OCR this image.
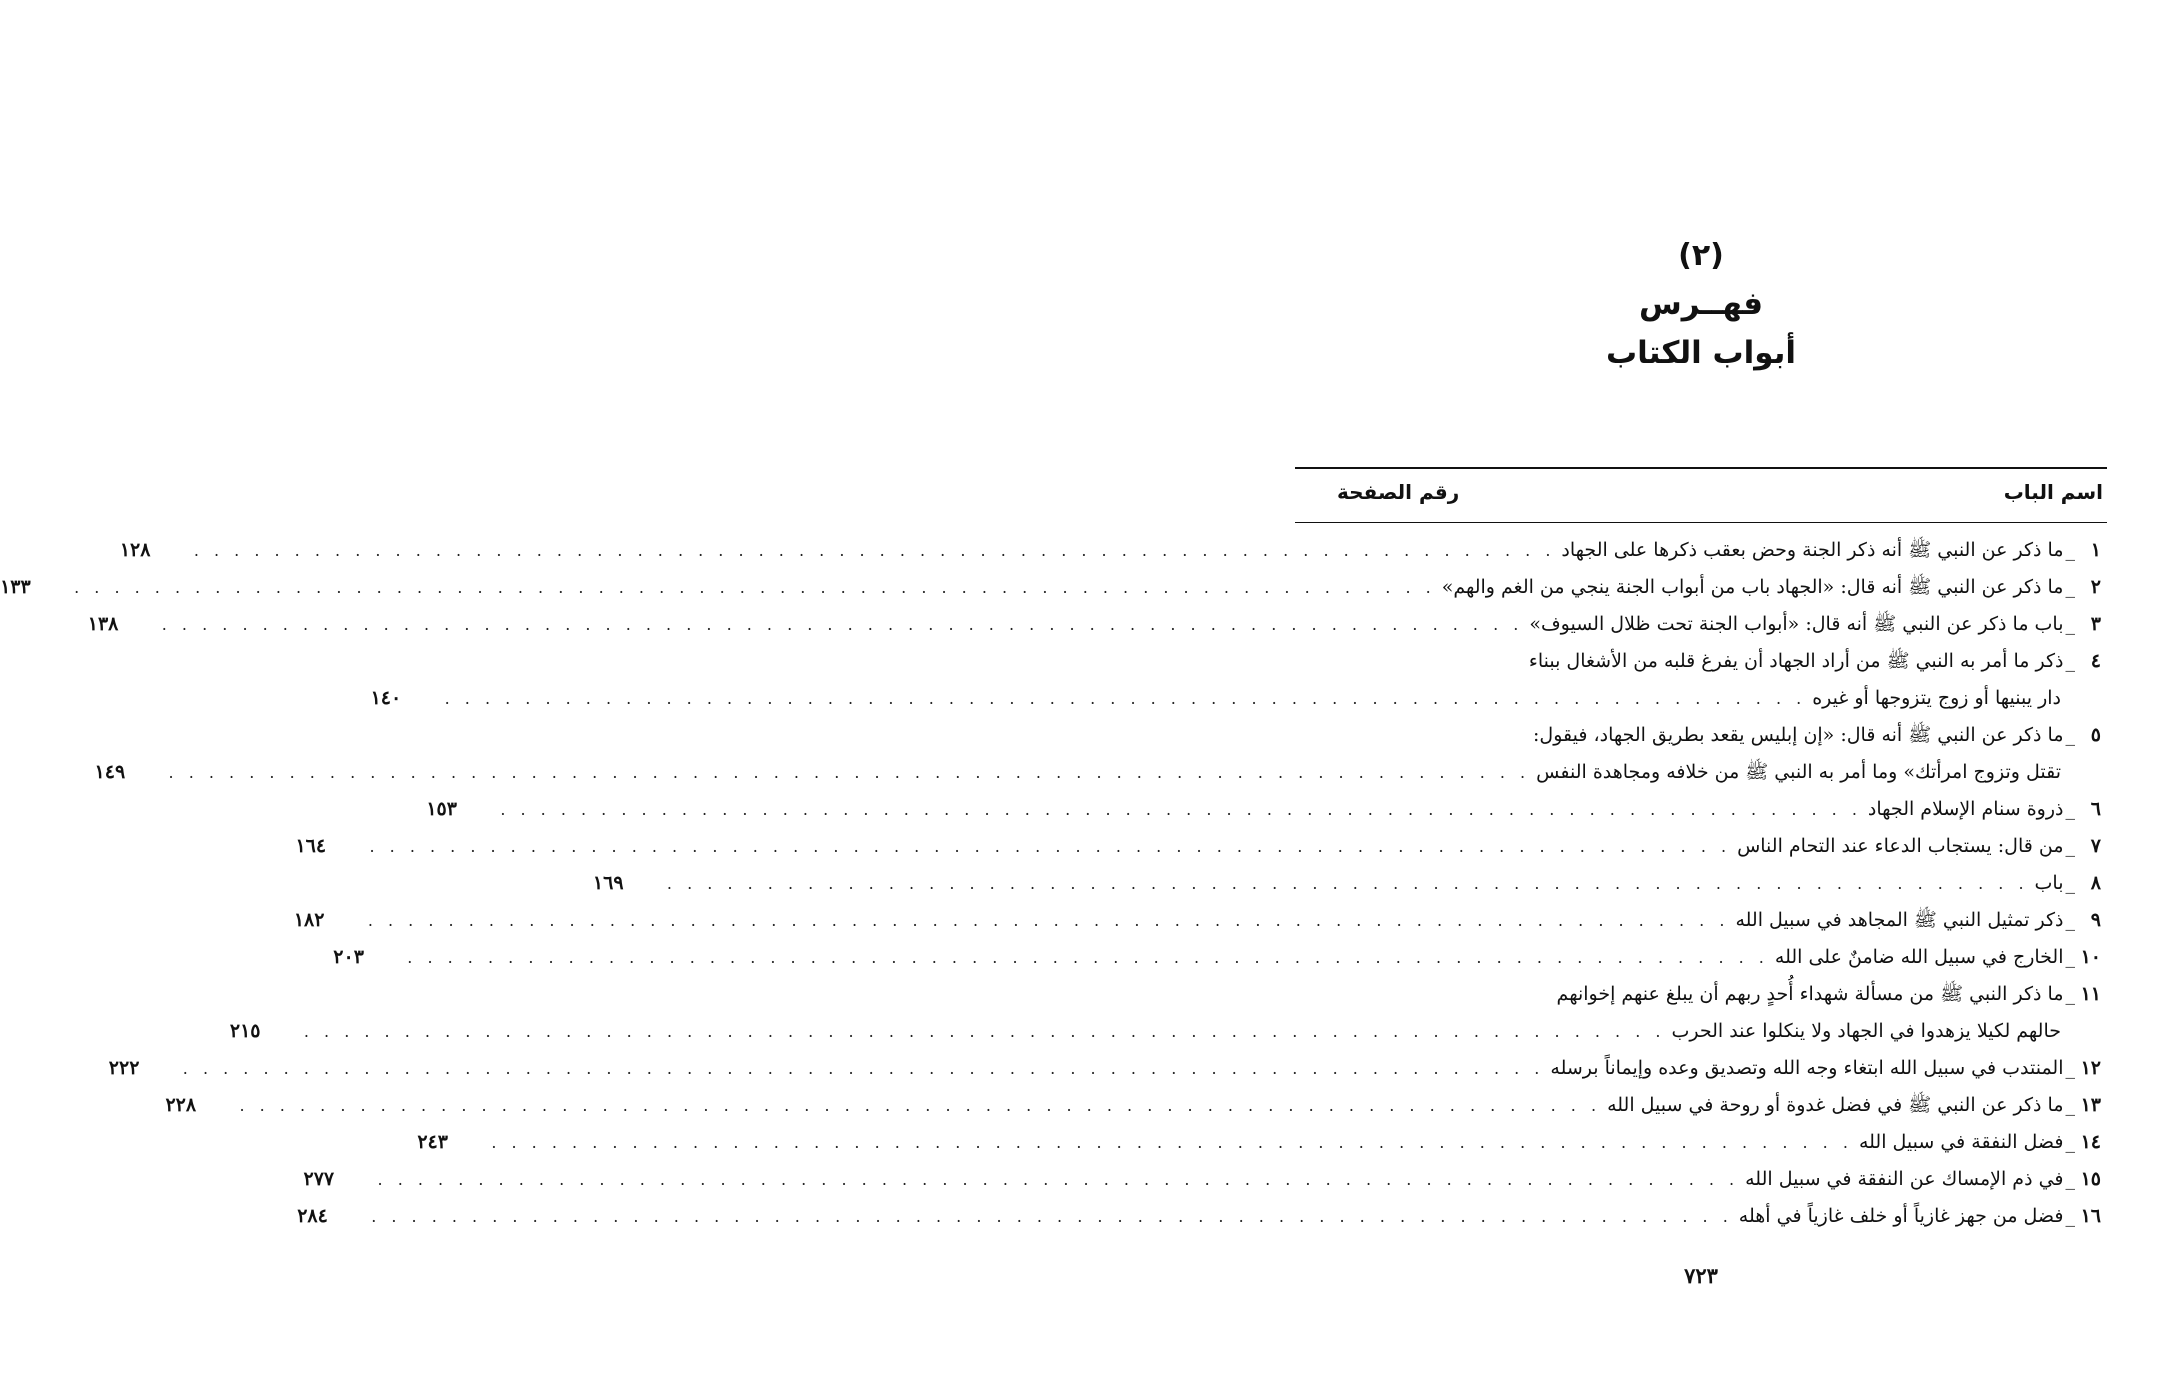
(٢)
فهــرس
أبواب الكتاب
اسم الباب
رقم الصفحة
١
_
ما ذكر عن النبي ﷺ أنه ذكر الجنة وحض بعقب ذكرها على الجهاد
. . . . . . . . . . . . . . . . . . . . . . . . . . . . . . . . . . . . . . . . . . . . . . . . . . . . . . . . . . . . . . . . . . . .
١٢٨
٢
_
ما ذكر عن النبي ﷺ أنه قال: «الجهاد باب من أبواب الجنة ينجي من الغم والهم»
. . . . . . . . . . . . . . . . . . . . . . . . . . . . . . . . . . . . . . . . . . . . . . . . . . . . . . . . . . . . . . . . . . . .
١٣٣
٣
_
باب ما ذكر عن النبي ﷺ أنه قال: «أبواب الجنة تحت ظلال السيوف»
. . . . . . . . . . . . . . . . . . . . . . . . . . . . . . . . . . . . . . . . . . . . . . . . . . . . . . . . . . . . . . . . . . . .
١٣٨
٤
_
ذكر ما أمر به النبي ﷺ من أراد الجهاد أن يفرغ قلبه من الأشغال ببناء
دار يبنيها أو زوج يتزوجها أو غيره
. . . . . . . . . . . . . . . . . . . . . . . . . . . . . . . . . . . . . . . . . . . . . . . . . . . . . . . . . . . . . . . . . . . .
١٤٠
٥
_
ما ذكر عن النبي ﷺ أنه قال: «إن إبليس يقعد بطريق الجهاد، فيقول:
تقتل وتزوج امرأتك» وما أمر به النبي ﷺ من خلافه ومجاهدة النفس
. . . . . . . . . . . . . . . . . . . . . . . . . . . . . . . . . . . . . . . . . . . . . . . . . . . . . . . . . . . . . . . . . . . .
١٤٩
٦
_
ذروة سنام الإسلام الجهاد
. . . . . . . . . . . . . . . . . . . . . . . . . . . . . . . . . . . . . . . . . . . . . . . . . . . . . . . . . . . . . . . . . . . .
١٥٣
٧
_
من قال: يستجاب الدعاء عند التحام الناس
. . . . . . . . . . . . . . . . . . . . . . . . . . . . . . . . . . . . . . . . . . . . . . . . . . . . . . . . . . . . . . . . . . . .
١٦٤
٨
_
باب
. . . . . . . . . . . . . . . . . . . . . . . . . . . . . . . . . . . . . . . . . . . . . . . . . . . . . . . . . . . . . . . . . . . .
١٦٩
٩
_
ذكر تمثيل النبي ﷺ المجاهد في سبيل الله
. . . . . . . . . . . . . . . . . . . . . . . . . . . . . . . . . . . . . . . . . . . . . . . . . . . . . . . . . . . . . . . . . . . .
١٨٢
١٠
_
الخارج في سبيل الله ضامنٌ على الله
. . . . . . . . . . . . . . . . . . . . . . . . . . . . . . . . . . . . . . . . . . . . . . . . . . . . . . . . . . . . . . . . . . . .
٢٠٣
١١
_
ما ذكر النبي ﷺ من مسألة شهداء أُحدٍ ربهم أن يبلغ عنهم إخوانهم
حالهم لكيلا يزهدوا في الجهاد ولا ينكلوا عند الحرب
. . . . . . . . . . . . . . . . . . . . . . . . . . . . . . . . . . . . . . . . . . . . . . . . . . . . . . . . . . . . . . . . . . . .
٢١٥
١٢
_
المنتدب في سبيل الله ابتغاء وجه الله وتصديق وعده وإيماناً برسله
. . . . . . . . . . . . . . . . . . . . . . . . . . . . . . . . . . . . . . . . . . . . . . . . . . . . . . . . . . . . . . . . . . . .
٢٢٢
١٣
_
ما ذكر عن النبي ﷺ في فضل غدوة أو روحة في سبيل الله
. . . . . . . . . . . . . . . . . . . . . . . . . . . . . . . . . . . . . . . . . . . . . . . . . . . . . . . . . . . . . . . . . . . .
٢٢٨
١٤
_
فضل النفقة في سبيل الله
. . . . . . . . . . . . . . . . . . . . . . . . . . . . . . . . . . . . . . . . . . . . . . . . . . . . . . . . . . . . . . . . . . . .
٢٤٣
١٥
_
في ذم الإمساك عن النفقة في سبيل الله
. . . . . . . . . . . . . . . . . . . . . . . . . . . . . . . . . . . . . . . . . . . . . . . . . . . . . . . . . . . . . . . . . . . .
٢٧٧
١٦
_
فضل من جهز غازياً أو خلف غازياً في أهله
. . . . . . . . . . . . . . . . . . . . . . . . . . . . . . . . . . . . . . . . . . . . . . . . . . . . . . . . . . . . . . . . . . . .
٢٨٤
٧٢٣
